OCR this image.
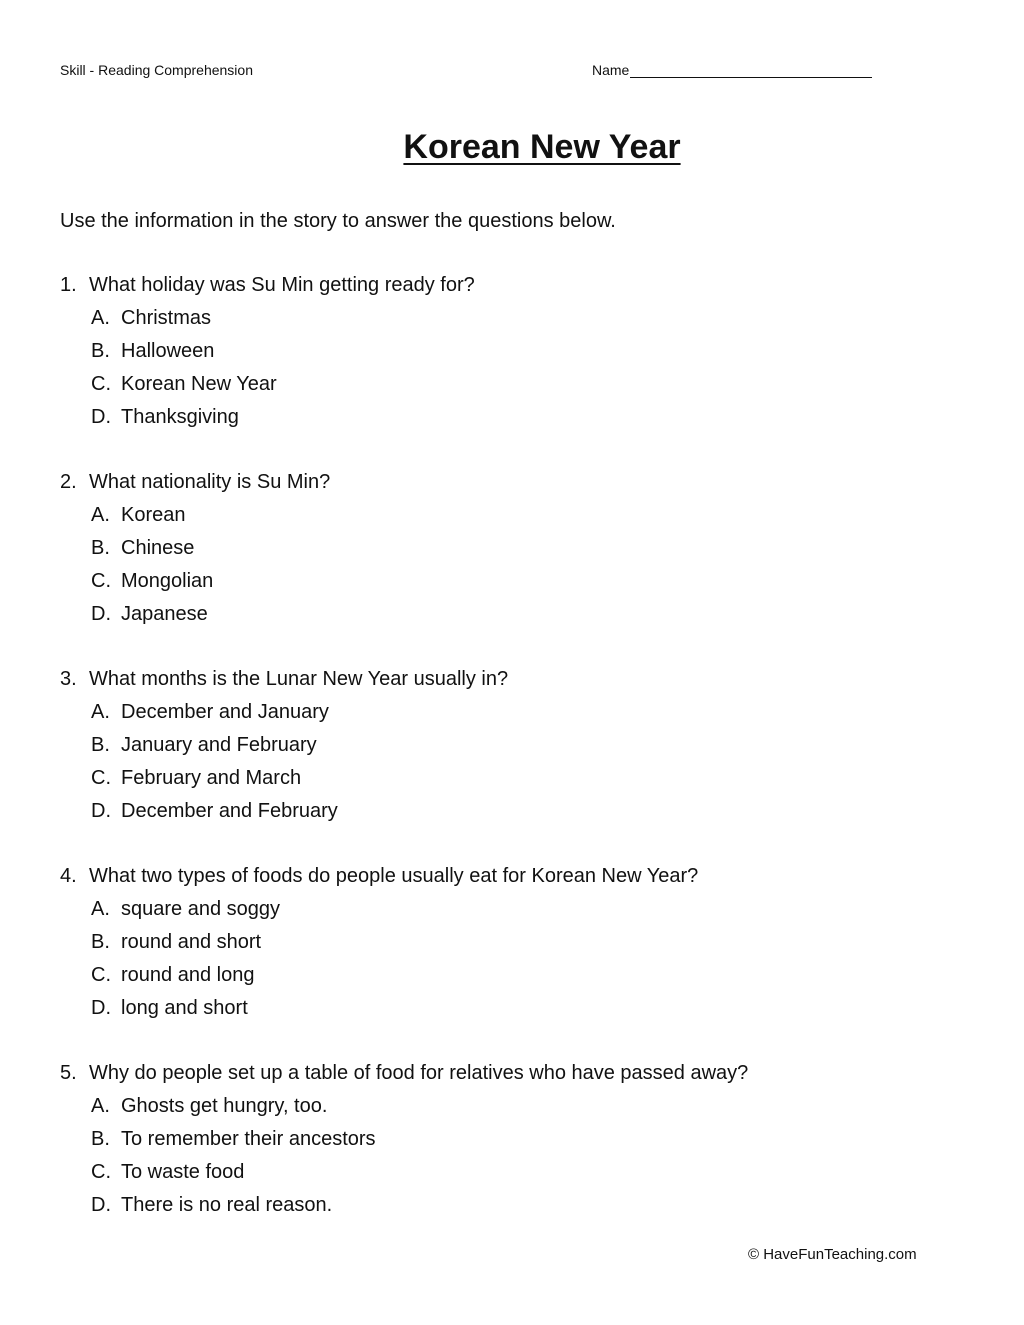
Skill - Reading Comprehension	Name
Korean New Year
Use the information in the story to answer the questions below.
1. What holiday was Su Min getting ready for?
A. Christmas
B. Halloween
C. Korean New Year
D. Thanksgiving
2. What nationality is Su Min?
A. Korean
B. Chinese
C. Mongolian
D. Japanese
3. What months is the Lunar New Year usually in?
A. December and January
B. January and February
C. February and March
D. December and February
4. What two types of foods do people usually eat for Korean New Year?
A. square and soggy
B. round and short
C. round and long
D. long and short
5. Why do people set up a table of food for relatives who have passed away?
A. Ghosts get hungry, too.
B. To remember their ancestors
C. To waste food
D. There is no real reason.
© HaveFunTeaching.com
